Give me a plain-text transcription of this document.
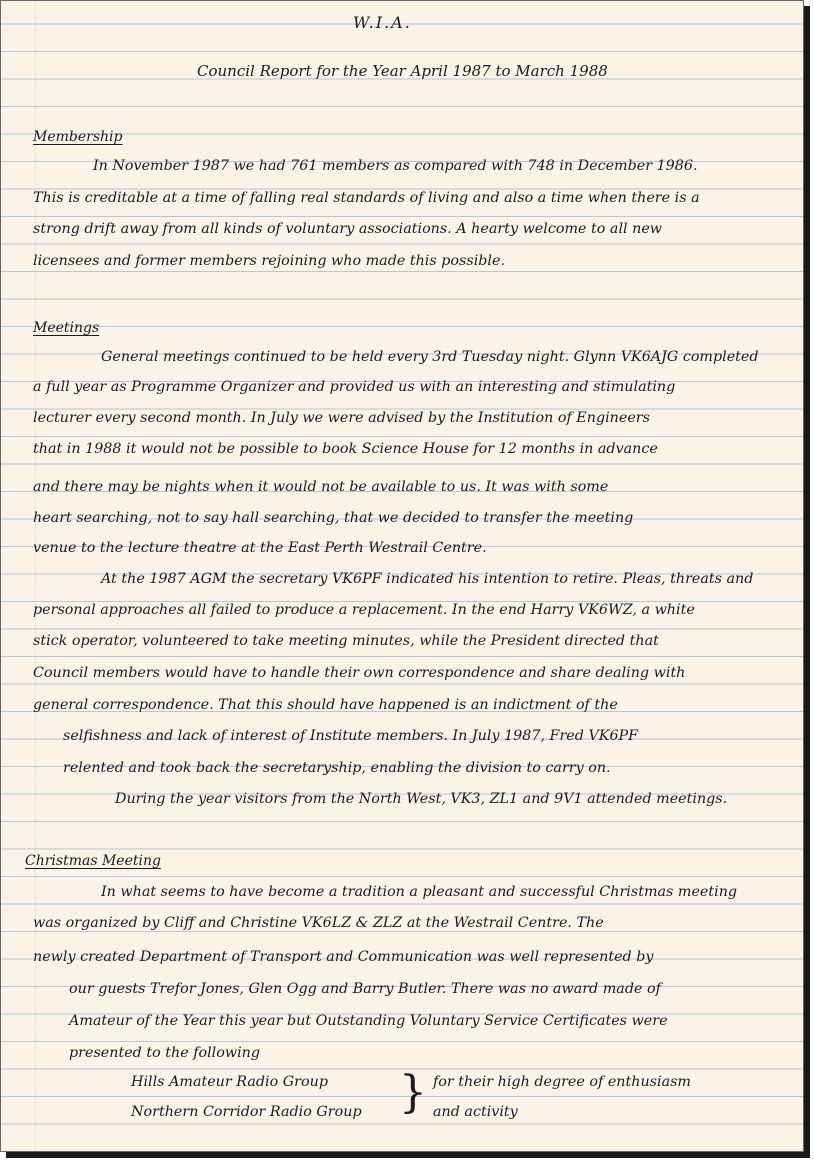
W.I.A.
Council Report for the Year April 1987 to March 1988
Membership
In November 1987 we had 761 members as compared with 748 in December 1986.
This is creditable at a time of falling real standards of living and also a time when there is a
strong drift away from all kinds of voluntary associations. A hearty welcome to all new
licensees and former members rejoining who made this possible.
Meetings
General meetings continued to be held every 3rd Tuesday night. Glynn VK6AJG completed
a full year as Programme Organizer and provided us with an interesting and stimulating
lecturer every second month. In July we were advised by the Institution of Engineers
that in 1988 it would not be possible to book Science House for 12 months in advance
and there may be nights when it would not be available to us. It was with some
heart searching, not to say hall searching, that we decided to transfer the meeting
venue to the lecture theatre at the East Perth Westrail Centre.
At the 1987 AGM the secretary VK6PF indicated his intention to retire. Pleas, threats and
personal approaches all failed to produce a replacement. In the end Harry VK6WZ, a white
stick operator, volunteered to take meeting minutes, while the President directed that
Council members would have to handle their own correspondence and share dealing with
general correspondence. That this should have happened is an indictment of the
selfishness and lack of interest of Institute members. In July 1987, Fred VK6PF
relented and took back the secretaryship, enabling the division to carry on.
During the year visitors from the North West, VK3, ZL1 and 9V1 attended meetings.
Christmas Meeting
In what seems to have become a tradition a pleasant and successful Christmas meeting
was organized by Cliff and Christine VK6LZ & ZLZ at the Westrail Centre. The
newly created Department of Transport and Communication was well represented by
our guests Trefor Jones, Glen Ogg and Barry Butler. There was no award made of
Amateur of the Year this year but Outstanding Voluntary Service Certificates were
presented to the following
Hills Amateur Radio Group
Northern Corridor Radio Group } for their high degree of enthusiasm
and activity
